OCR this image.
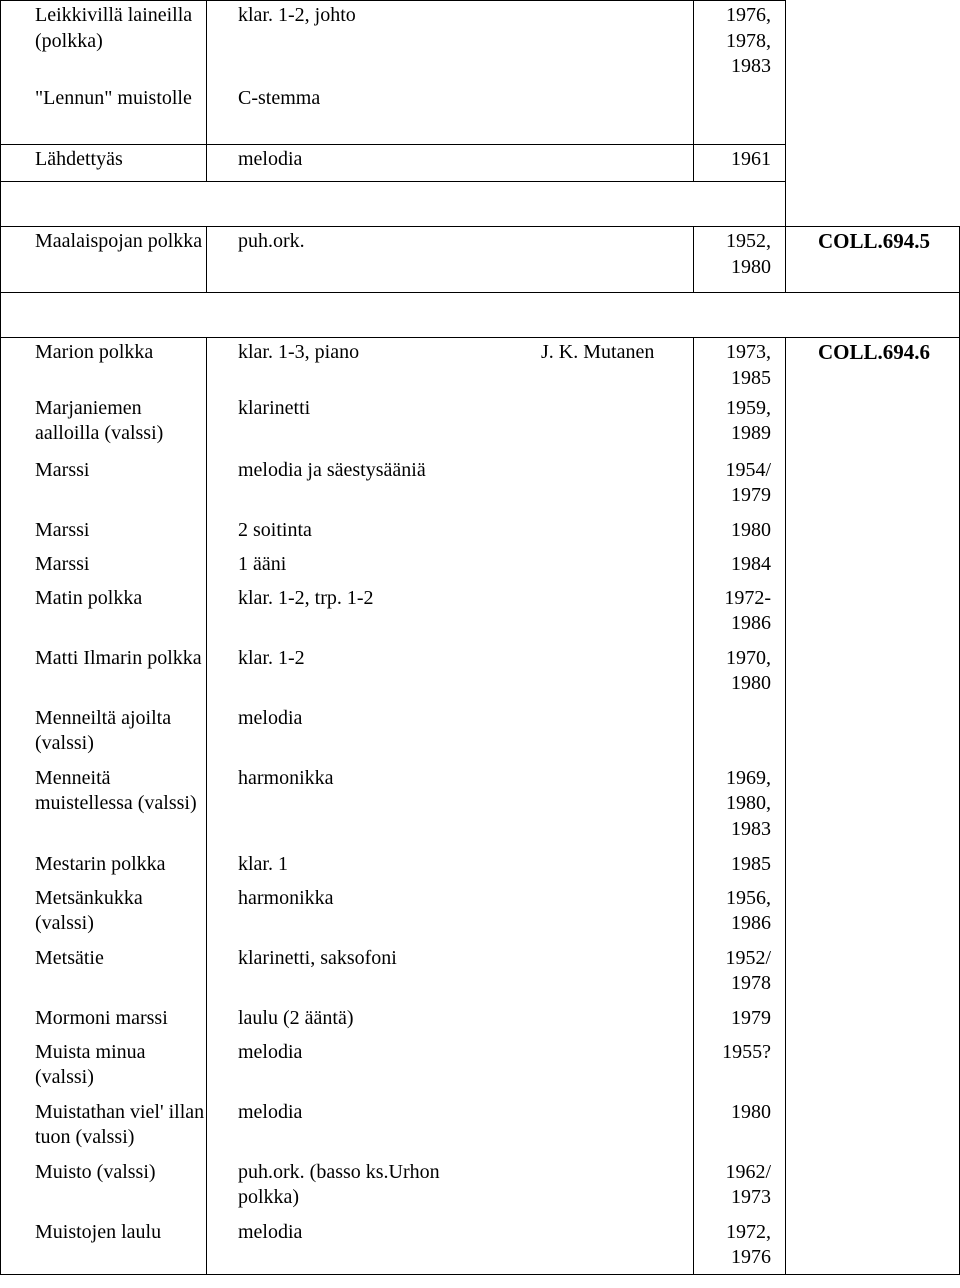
Leikkivillä laineilla (polkka)	klar. 1-2, johto	1976, 1978, 1983	

"Lennun" muistolle	C-stemma		

Lähdettyäs	melodia	1961	

Maalaispojan polkka	puh.ork.	1952, 1980	COLL.694.5

Marion polkka	klar. 1-3, piano J. K. Mutanen	1973, 1985	COLL.694.6

Marjaniemen aalloilla (valssi)	klarinetti	1959, 1989	

Marssi	melodia ja säestysääniä	1954/ 1979	

Marssi	2 soitinta	1980	

Marssi	1 ääni	1984	

Matin polkka	klar. 1-2, trp. 1-2	1972- 1986	

Matti Ilmarin polkka	klar. 1-2	1970, 1980	

Menneiltä ajoilta (valssi)	melodia		

Menneitä muistellessa (valssi)	harmonikka	1969, 1980, 1983	

Mestarin polkka	klar. 1	1985	

Metsänkukka (valssi)	harmonikka	1956, 1986	

Metsätie	klarinetti, saksofoni	1952/ 1978	

Mormoni marssi	laulu (2 ääntä)	1979	

Muista minua (valssi)	melodia	1955?	

Muistathan viel' illan tuon (valssi)	melodia	1980	

Muisto (valssi)	puh.ork. (basso ks.Urhon polkka)	1962/ 1973	

Muistojen laulu	melodia	1972, 1976	
